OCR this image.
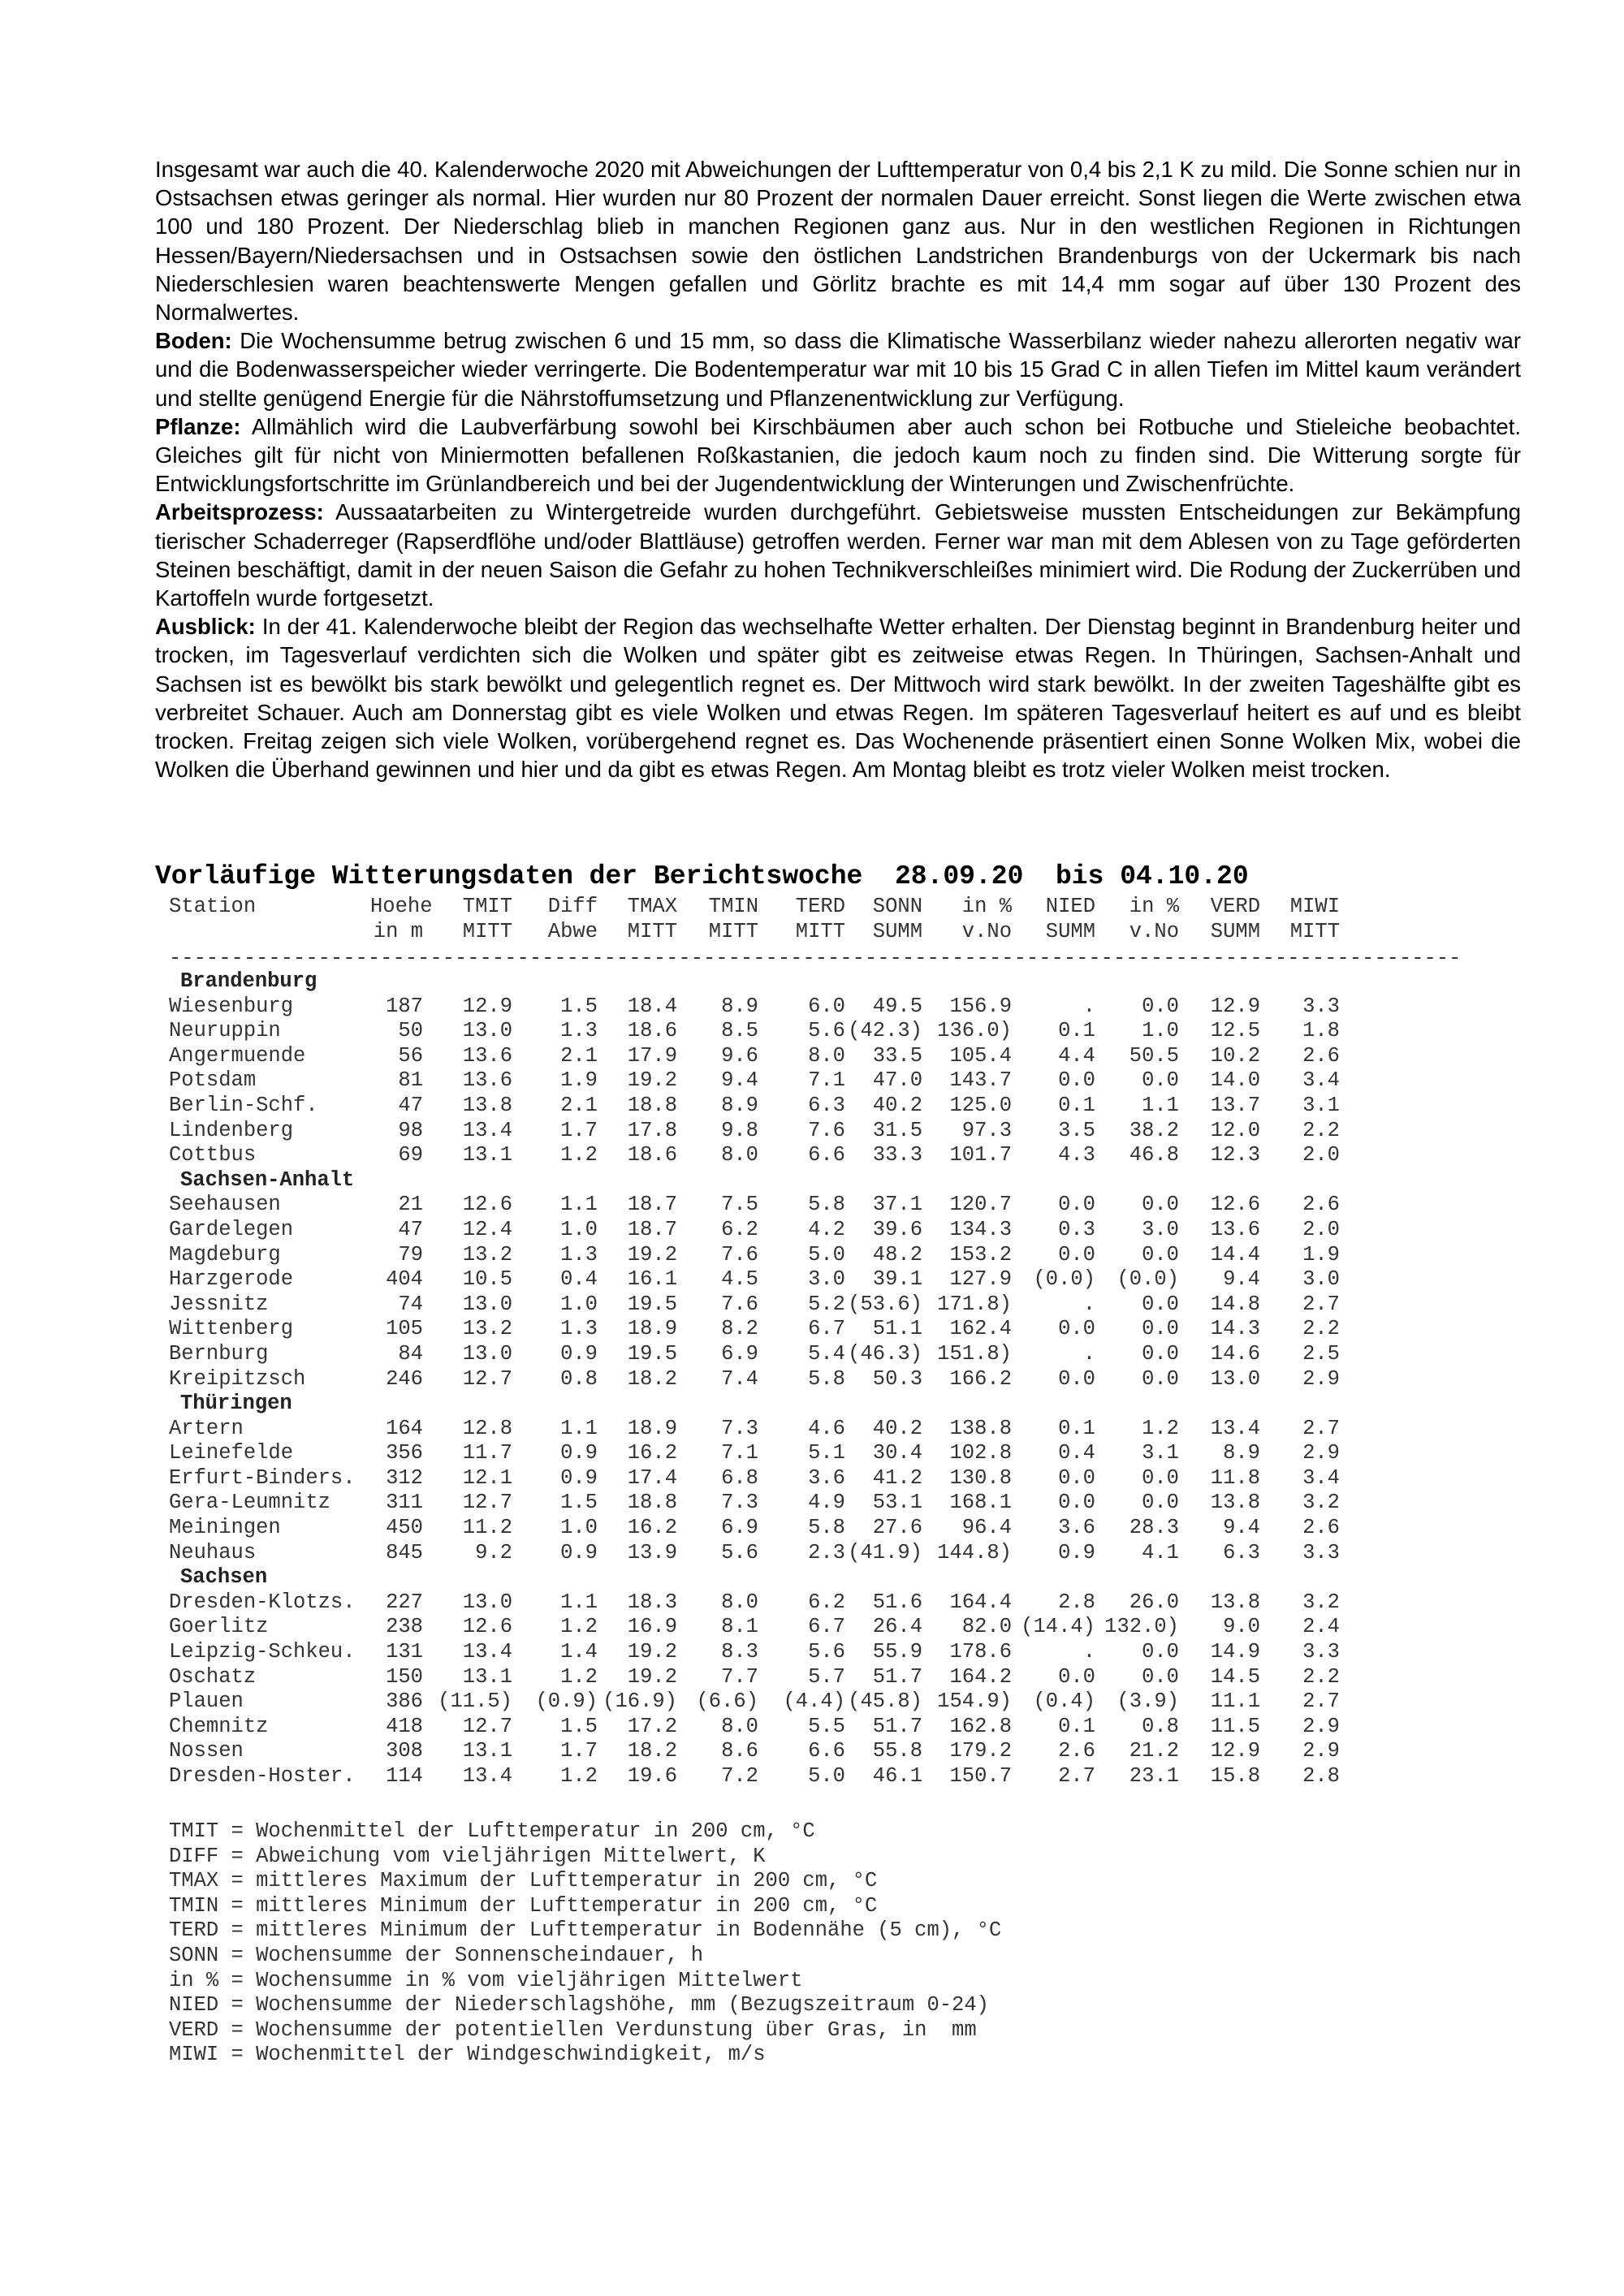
Insgesamt war auch die 40. Kalenderwoche 2020 mit Abweichungen der Lufttemperatur von 0,4 bis 2,1 K zu mild. Die Sonne schien nur in Ostsachsen etwas geringer als normal. Hier wurden nur 80 Prozent der normalen Dauer erreicht. Sonst liegen die Werte zwischen etwa 100 und 180 Prozent. Der Niederschlag blieb in manchen Regionen ganz aus. Nur in den westlichen Regionen in Richtungen Hessen/Bayern/Niedersachsen und in Ostsachsen sowie den östlichen Landstrichen Brandenburgs von der Uckermark bis nach Niederschlesien waren beachtenswerte Mengen gefallen und Görlitz brachte es mit 14,4 mm sogar auf über 130 Prozent des Normalwertes.

Boden: Die Wochensumme betrug zwischen 6 und 15 mm, so dass die Klimatische Wasserbilanz wieder nahezu allerorten negativ war und die Bodenwasserspeicher wieder verringerte. Die Bodentemperatur war mit 10 bis 15 Grad C in allen Tiefen im Mittel kaum verändert und stellte genügend Energie für die Nährstoffumsetzung und Pflanzenentwicklung zur Verfügung.

Pflanze: Allmählich wird die Laubverfärbung sowohl bei Kirschbäumen aber auch schon bei Rotbuche und Stieleiche beobachtet. Gleiches gilt für nicht von Miniermotten befallenen Roßkastanien, die jedoch kaum noch zu finden sind. Die Witterung sorgte für Entwicklungsfortschritte im Grünlandbereich und bei der Jugendentwicklung der Winterungen und Zwischenfrüchte.

Arbeitsprozess: Aussaatarbeiten zu Wintergetreide wurden durchgeführt. Gebietsweise mussten Entscheidungen zur Bekämpfung tierischer Schaderreger (Rapserdflöhe und/oder Blattläuse) getroffen werden. Ferner war man mit dem Ablesen von zu Tage geförderten Steinen beschäftigt, damit in der neuen Saison die Gefahr zu hohen Technikverschleißes minimiert wird. Die Rodung der Zuckerrüben und Kartoffeln wurde fortgesetzt.

Ausblick: In der 41. Kalenderwoche bleibt der Region das wechselhafte Wetter erhalten. Der Dienstag beginnt in Brandenburg heiter und trocken, im Tagesverlauf verdichten sich die Wolken und später gibt es zeitweise etwas Regen. In Thüringen, Sachsen-Anhalt und Sachsen ist es bewölkt bis stark bewölkt und gelegentlich regnet es. Der Mittwoch wird stark bewölkt. In der zweiten Tageshälfte gibt es verbreitet Schauer. Auch am Donnerstag gibt es viele Wolken und etwas Regen. Im späteren Tagesverlauf heitert es auf und es bleibt trocken. Freitag zeigen sich viele Wolken, vorübergehend regnet es. Das Wochenende präsentiert einen Sonne Wolken Mix, wobei die Wolken die Überhand gewinnen und hier und da gibt es etwas Regen. Am Montag bleibt es trotz vieler Wolken meist trocken.

Vorläufige Witterungsdaten der Berichtswoche  28.09.20  bis 04.10.20
Station	Hoehe	TMIT	Diff	TMAX	TMIN	TERD	SONN	in %	NIED	in %	VERD	MIWI
in m	MITT	Abwe	MITT	MITT	MITT	SUMM	v.No	SUMM	v.No	SUMM	MITT
--------------------------------------------------------------------------------------------------------
Brandenburg
Wiesenburg	187	12.9	1.5	18.4	8.9	6.0	49.5	156.9	.	0.0	12.9	3.3
Neuruppin	50	13.0	1.3	18.6	8.5	5.6 (42.3) 136.0)	0.1	1.0	12.5	1.8
Angermuende	56	13.6	2.1	17.9	9.6	8.0	33.5	105.4	4.4	50.5	10.2	2.6
Potsdam	81	13.6	1.9	19.2	9.4	7.1	47.0	143.7	0.0	0.0	14.0	3.4
Berlin-Schf.	47	13.8	2.1	18.8	8.9	6.3	40.2	125.0	0.1	1.1	13.7	3.1
Lindenberg	98	13.4	1.7	17.8	9.8	7.6	31.5	97.3	3.5	38.2	12.0	2.2
Cottbus	69	13.1	1.2	18.6	8.0	6.6	33.3	101.7	4.3	46.8	12.3	2.0
Sachsen-Anhalt
Seehausen	21	12.6	1.1	18.7	7.5	5.8	37.1	120.7	0.0	0.0	12.6	2.6
Gardelegen	47	12.4	1.0	18.7	6.2	4.2	39.6	134.3	0.3	3.0	13.6	2.0
Magdeburg	79	13.2	1.3	19.2	7.6	5.0	48.2	153.2	0.0	0.0	14.4	1.9
Harzgerode	404	10.5	0.4	16.1	4.5	3.0	39.1	127.9	(0.0)	(0.0)	9.4	3.0
Jessnitz	74	13.0	1.0	19.5	7.6	5.2 (53.6) 171.8)	.	0.0	14.8	2.7
Wittenberg	105	13.2	1.3	18.9	8.2	6.7	51.1	162.4	0.0	0.0	14.3	2.2
Bernburg	84	13.0	0.9	19.5	6.9	5.4 (46.3) 151.8)	.	0.0	14.6	2.5
Kreipitzsch	246	12.7	0.8	18.2	7.4	5.8	50.3	166.2	0.0	0.0	13.0	2.9
Thüringen
Artern	164	12.8	1.1	18.9	7.3	4.6	40.2	138.8	0.1	1.2	13.4	2.7
Leinefelde	356	11.7	0.9	16.2	7.1	5.1	30.4	102.8	0.4	3.1	8.9	2.9
Erfurt-Binders.	312	12.1	0.9	17.4	6.8	3.6	41.2	130.8	0.0	0.0	11.8	3.4
Gera-Leumnitz	311	12.7	1.5	18.8	7.3	4.9	53.1	168.1	0.0	0.0	13.8	3.2
Meiningen	450	11.2	1.0	16.2	6.9	5.8	27.6	96.4	3.6	28.3	9.4	2.6
Neuhaus	845	9.2	0.9	13.9	5.6	2.3 (41.9) 144.8)	0.9	4.1	6.3	3.3
Sachsen
Dresden-Klotzs.	227	13.0	1.1	18.3	8.0	6.2	51.6	164.4	2.8	26.0	13.8	3.2
Goerlitz	238	12.6	1.2	16.9	8.1	6.7	26.4	82.0 (14.4) 132.0)	9.0	2.4
Leipzig-Schkeu.	131	13.4	1.4	19.2	8.3	5.6	55.9	178.6	.	0.0	14.9	3.3
Oschatz	150	13.1	1.2	19.2	7.7	5.7	51.7	164.2	0.0	0.0	14.5	2.2
Plauen	386 (11.5)	(0.9) (16.9) (6.6)	(4.4) (45.8) 154.9)	(0.4)	(3.9)	11.1	2.7
Chemnitz	418	12.7	1.5	17.2	8.0	5.5	51.7	162.8	0.1	0.8	11.5	2.9
Nossen	308	13.1	1.7	18.2	8.6	6.6	55.8	179.2	2.6	21.2	12.9	2.9
Dresden-Hoster.	114	13.4	1.2	19.6	7.2	5.0	46.1	150.7	2.7	23.1	15.8	2.8
TMIT = Wochenmittel der Lufttemperatur in 200 cm, °C
DIFF = Abweichung vom vieljährigen Mittelwert, K
TMAX = mittleres Maximum der Lufttemperatur in 200 cm, °C
TMIN = mittleres Minimum der Lufttemperatur in 200 cm, °C
TERD = mittleres Minimum der Lufttemperatur in Bodennähe (5 cm), °C
SONN = Wochensumme der Sonnenscheindauer, h
in % = Wochensumme in % vom vieljährigen Mittelwert
NIED = Wochensumme der Niederschlagshöhe, mm (Bezugszeitraum 0-24)
VERD = Wochensumme der potentiellen Verdunstung über Gras, in  mm
MIWI = Wochenmittel der Windgeschwindigkeit, m/s
